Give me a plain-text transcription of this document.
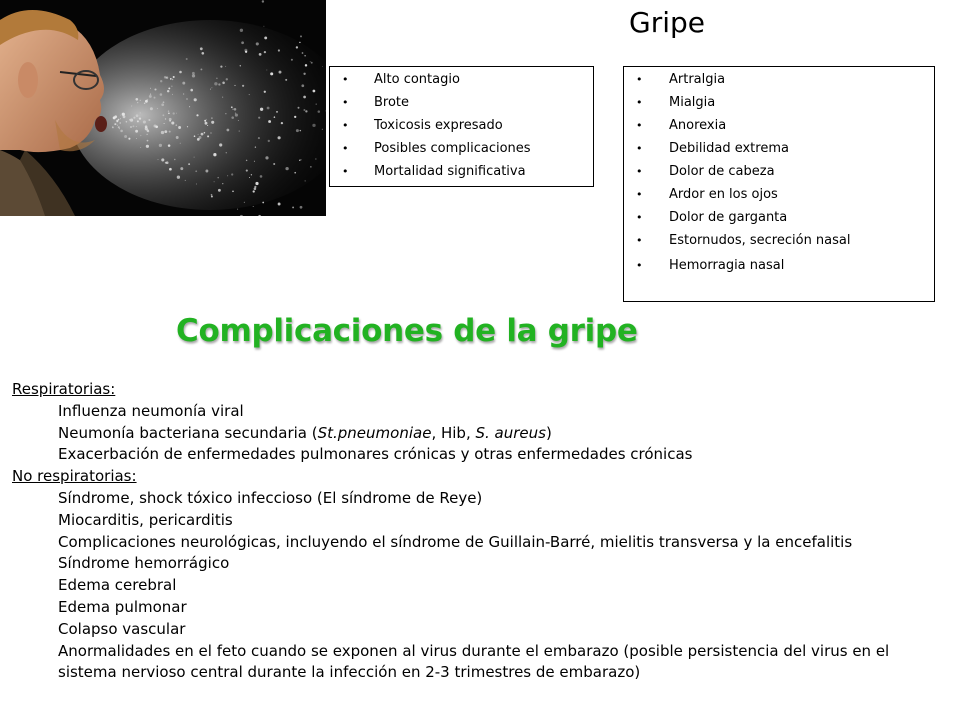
Gripe
• Alto contagio
• Brote
• Toxicosis expresado
• Posibles complicaciones
• Mortalidad significativa
• Artralgia
• Mialgia
• Anorexia
• Debilidad extrema
• Dolor de cabeza
• Ardor en los ojos
• Dolor de garganta
• Estornudos, secreción nasal
• Hemorragia nasal
Complicaciones de la gripe
Respiratorias:
Influenza neumonía viral
Neumonía bacteriana secundaria (St.pneumoniae, Hib, S. aureus)
Exacerbación de enfermedades pulmonares crónicas y otras enfermedades crónicas
No respiratorias:
Síndrome, shock tóxico infeccioso (El síndrome de Reye)
Miocarditis, pericarditis
Complicaciones neurológicas, incluyendo el síndrome de Guillain-Barré, mielitis transversa y la encefalitis
Síndrome hemorrágico
Edema cerebral
Edema pulmonar
Colapso vascular
Anormalidades en el feto cuando se exponen al virus durante el embarazo (posible persistencia del virus en el sistema nervioso central durante la infección en 2-3 trimestres de embarazo)
